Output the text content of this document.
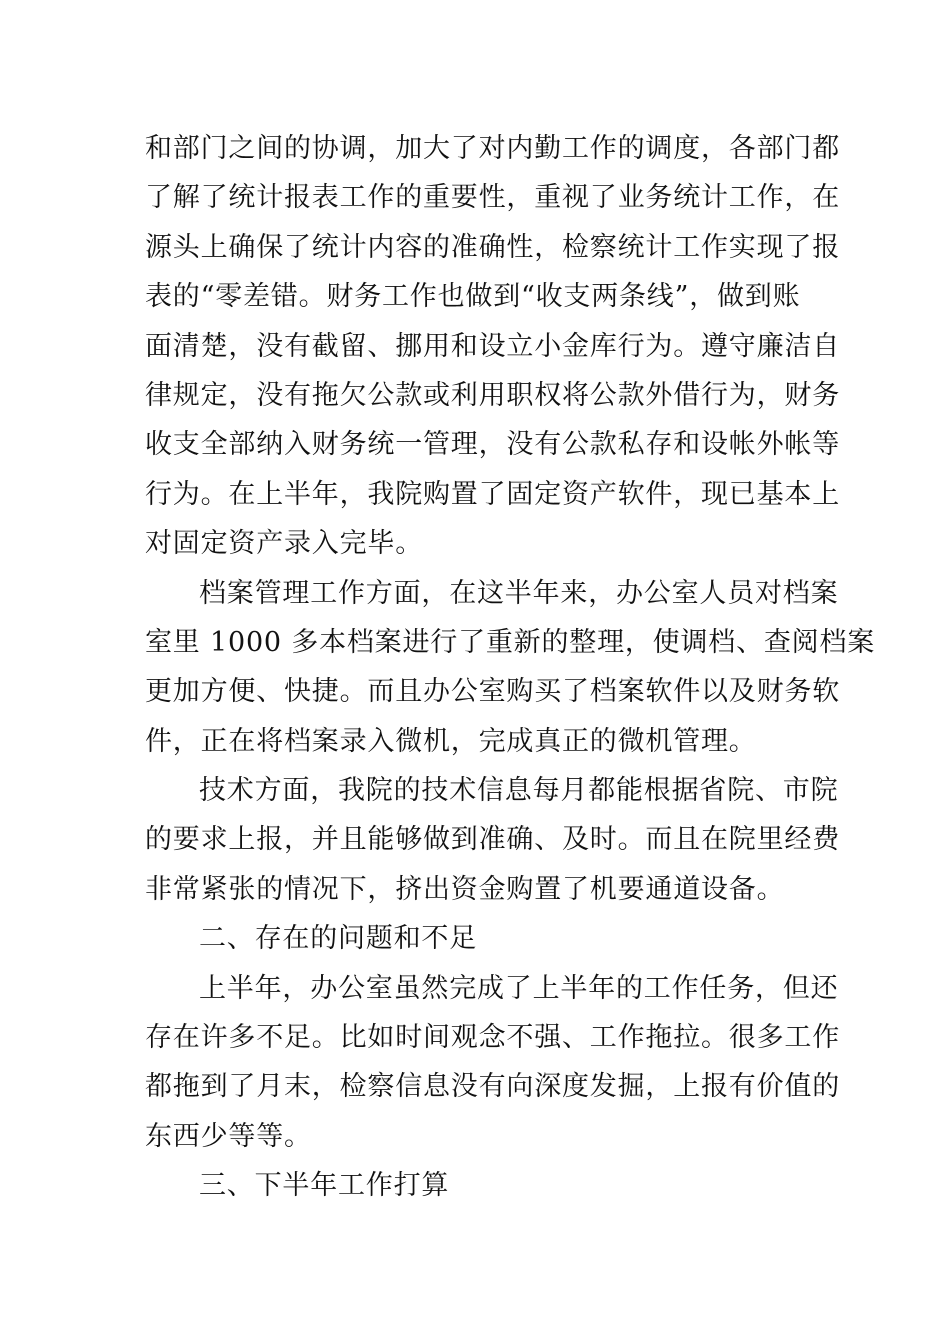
和部门之间的协调，加大了对内勤工作的调度，各部门都
了解了统计报表工作的重要性，重视了业务统计工作，在
源头上确保了统计内容的准确性，检察统计工作实现了报
表的“零差错。财务工作也做到“收支两条线”，做到账
面清楚，没有截留、挪用和设立小金库行为。遵守廉洁自
律规定，没有拖欠公款或利用职权将公款外借行为，财务
收支全部纳入财务统一管理，没有公款私存和设帐外帐等
行为。在上半年，我院购置了固定资产软件，现已基本上
对固定资产录入完毕。
档案管理工作方面，在这半年来，办公室人员对档案
室里 1000 多本档案进行了重新的整理，使调档、查阅档案
更加方便、快捷。而且办公室购买了档案软件以及财务软
件，正在将档案录入微机，完成真正的微机管理。
技术方面，我院的技术信息每月都能根据省院、市院
的要求上报，并且能够做到准确、及时。而且在院里经费
非常紧张的情况下，挤出资金购置了机要通道设备。
二、存在的问题和不足
上半年，办公室虽然完成了上半年的工作任务，但还
存在许多不足。比如时间观念不强、工作拖拉。很多工作
都拖到了月末，检察信息没有向深度发掘，上报有价值的
东西少等等。
三、下半年工作打算
